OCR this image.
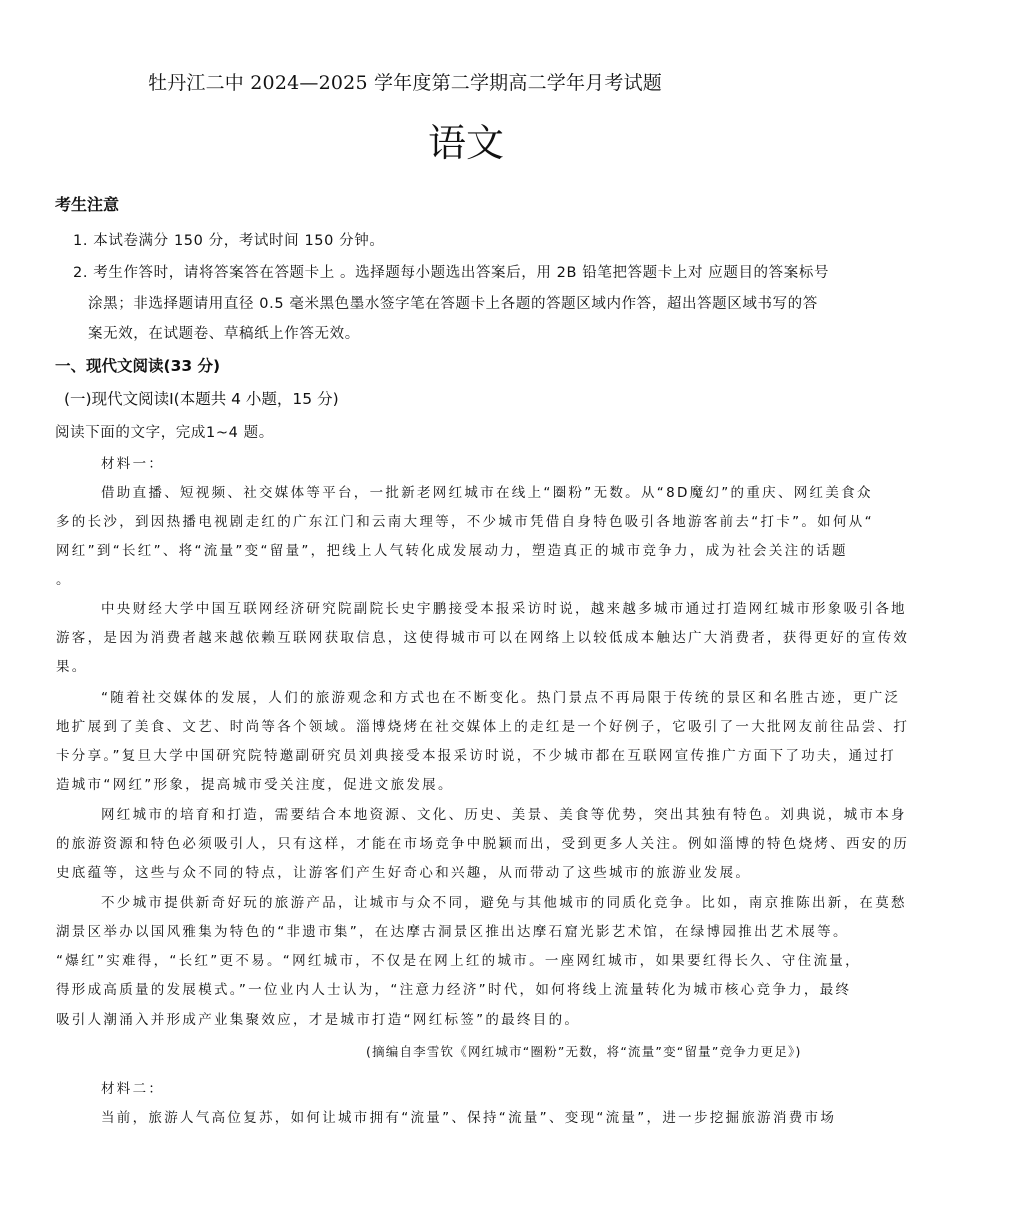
牡丹江二中 2024—2025 学年度第二学期高二学年月考试题
语文
考生注意
1. 本试卷满分 150 分，考试时间 150 分钟。
2. 考生作答时，请将答案答在答题卡上 。选择题每小题选出答案后，用 2B 铅笔把答题卡上对 应题目的答案标号
涂黑；非选择题请用直径 0.5 毫米黑色墨水签字笔在答题卡上各题的答题区域内作答，超出答题区域书写的答
案无效，在试题卷、草稿纸上作答无效。
一、现代文阅读(33 分)
(一)现代文阅读Ⅰ(本题共 4 小题，15 分)
阅读下面的文字，完成1~4 题。
材料一：
借助直播、短视频、社交媒体等平台，一批新老网红城市在线上“圈粉”无数。从“8D魔幻”的重庆、网红美食众
多的长沙，到因热播电视剧走红的广东江门和云南大理等，不少城市凭借自身特色吸引各地游客前去“打卡”。如何从“
网红”到“长红”、将“流量”变“留量”，把线上人气转化成发展动力，塑造真正的城市竞争力，成为社会关注的话题
。
中央财经大学中国互联网经济研究院副院长史宇鹏接受本报采访时说，越来越多城市通过打造网红城市形象吸引各地
游客，是因为消费者越来越依赖互联网获取信息，这使得城市可以在网络上以较低成本触达广大消费者，获得更好的宣传效
果。
“随着社交媒体的发展，人们的旅游观念和方式也在不断变化。热门景点不再局限于传统的景区和名胜古迹，更广泛
地扩展到了美食、文艺、时尚等各个领域。淄博烧烤在社交媒体上的走红是一个好例子，它吸引了一大批网友前往品尝、打
卡分享。”复旦大学中国研究院特邀副研究员刘典接受本报采访时说，不少城市都在互联网宣传推广方面下了功夫，通过打
造城市“网红”形象，提高城市受关注度，促进文旅发展。
网红城市的培育和打造，需要结合本地资源、文化、历史、美景、美食等优势，突出其独有特色。刘典说，城市本身
的旅游资源和特色必须吸引人，只有这样，才能在市场竞争中脱颖而出，受到更多人关注。例如淄博的特色烧烤、西安的历
史底蕴等，这些与众不同的特点，让游客们产生好奇心和兴趣，从而带动了这些城市的旅游业发展。
不少城市提供新奇好玩的旅游产品，让城市与众不同，避免与其他城市的同质化竞争。比如，南京推陈出新，在莫愁
湖景区举办以国风雅集为特色的“非遗市集”，在达摩古洞景区推出达摩石窟光影艺术馆，在绿博园推出艺术展等。
“爆红”实难得，“长红”更不易。“网红城市，不仅是在网上红的城市。一座网红城市，如果要红得长久、守住流量，
得形成高质量的发展模式。”一位业内人士认为，“注意力经济”时代，如何将线上流量转化为城市核心竞争力，最终
吸引人潮涌入并形成产业集聚效应，才是城市打造“网红标签”的最终目的。
(摘编自李雪钦《网红城市“圈粉”无数，将“流量”变“留量”竞争力更足》)
材料二：
当前，旅游人气高位复苏，如何让城市拥有“流量”、保持“流量”、变现“流量”，进一步挖掘旅游消费市场
